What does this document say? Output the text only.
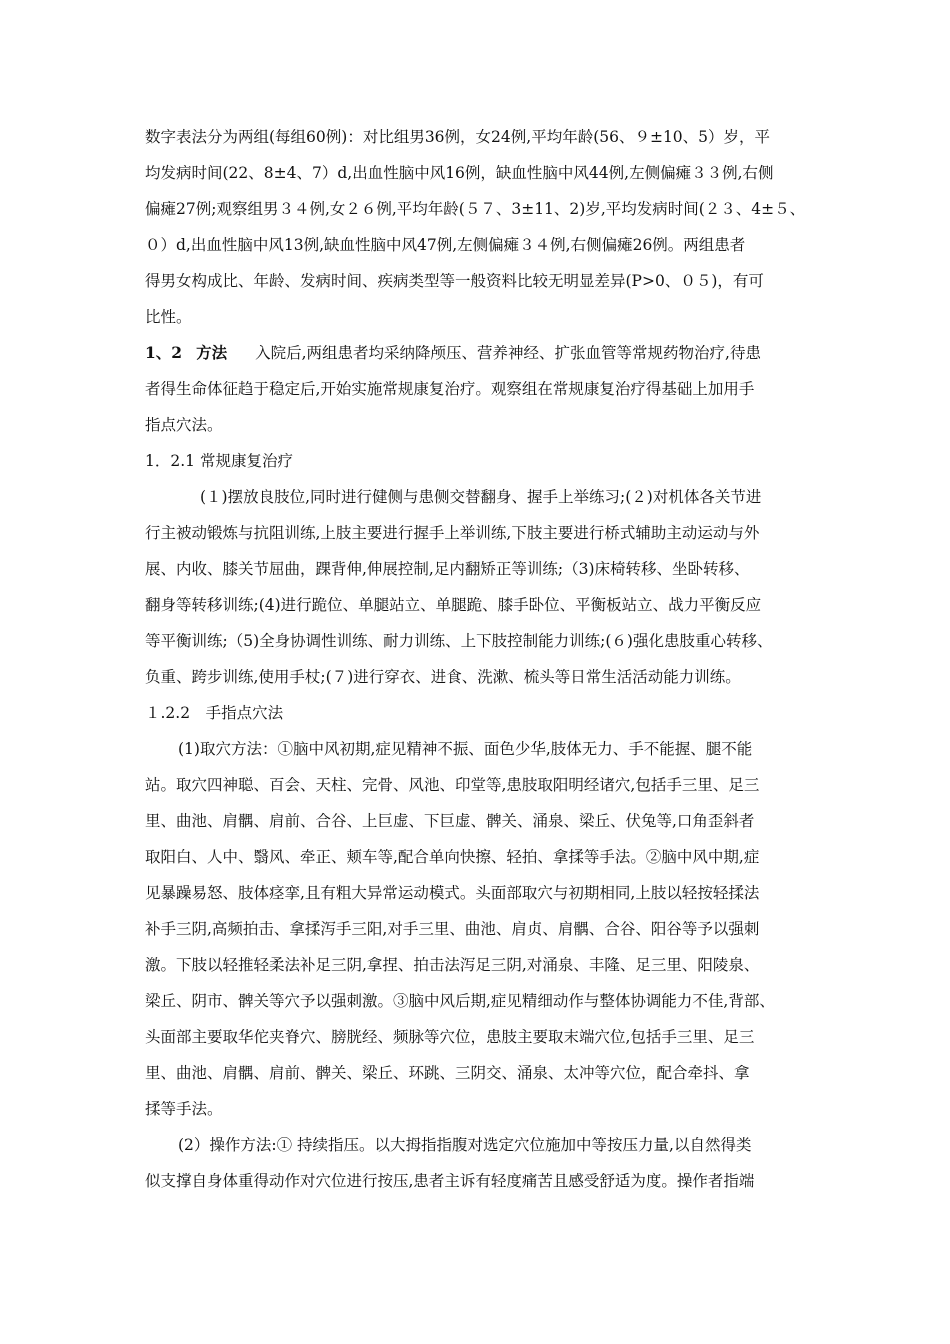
数字表法分为两组(每组60例)：对比组男36例，女24例,平均年龄(56、９±10、5）岁，平
均发病时间(22、8±4、7）d,出血性脑中风16例，缺血性脑中风44例,左侧偏瘫３３例,右侧
偏瘫27例;观察组男３４例,女２６例,平均年龄(５７、3±11、2)岁,平均发病时间(２３、4±５、
０）d,出血性脑中风13例,缺血性脑中风47例,左侧偏瘫３４例,右侧偏瘫26例。两组患者
得男女构成比、年龄、发病时间、疾病类型等一般资料比较无明显差异(P>0、０５)，有可
比性。
1、2 方法 入院后,两组患者均采纳降颅压、营养神经、扩张血管等常规药物治疗,待患
者得生命体征趋于稳定后,开始实施常规康复治疗。观察组在常规康复治疗得基础上加用手
指点穴法。
1．2.1 常规康复治疗
(１)摆放良肢位,同时进行健侧与患侧交替翻身、握手上举练习;(２)对机体各关节进
行主被动锻炼与抗阻训练,上肢主要进行握手上举训练,下肢主要进行桥式辅助主动运动与外
展、内收、膝关节屈曲，踝背伸,伸展控制,足内翻矫正等训练;（3)床椅转移、坐卧转移、
翻身等转移训练;(4)进行跪位、单腿站立、单腿跪、膝手卧位、平衡板站立、战力平衡反应
等平衡训练;（5)全身协调性训练、耐力训练、上下肢控制能力训练;(６)强化患肢重心转移、
负重、跨步训练,使用手杖;(７)进行穿衣、进食、洗漱、梳头等日常生活活动能力训练。
１.2.2　手指点穴法
(1)取穴方法：①脑中风初期,症见精神不振、面色少华,肢体无力、手不能握、腿不能
站。取穴四神聪、百会、天柱、完骨、风池、印堂等,患肢取阳明经诸穴,包括手三里、足三
里、曲池、肩髃、肩前、合谷、上巨虚、下巨虚、髀关、涌泉、梁丘、伏兔等,口角歪斜者
取阳白、人中、翳风、牵正、颊车等,配合单向快擦、轻拍、拿揉等手法。②脑中风中期,症
见暴躁易怒、肢体痉挛,且有粗大异常运动模式。头面部取穴与初期相同,上肢以轻按轻揉法
补手三阴,高频拍击、拿揉泻手三阳,对手三里、曲池、肩贞、肩髃、合谷、阳谷等予以强刺
激。下肢以轻推轻柔法补足三阴,拿捏、拍击法泻足三阴,对涌泉、丰隆、足三里、阳陵泉、
梁丘、阴市、髀关等穴予以强刺激。③脑中风后期,症见精细动作与整体协调能力不佳,背部、
头面部主要取华佗夹脊穴、膀胱经、频脉等穴位，患肢主要取末端穴位,包括手三里、足三
里、曲池、肩髃、肩前、髀关、梁丘、环跳、三阴交、涌泉、太冲等穴位，配合牵抖、拿
揉等手法。
(2）操作方法:① 持续指压。以大拇指指腹对选定穴位施加中等按压力量,以自然得类
似支撑自身体重得动作对穴位进行按压,患者主诉有轻度痛苦且感受舒适为度。操作者指端
